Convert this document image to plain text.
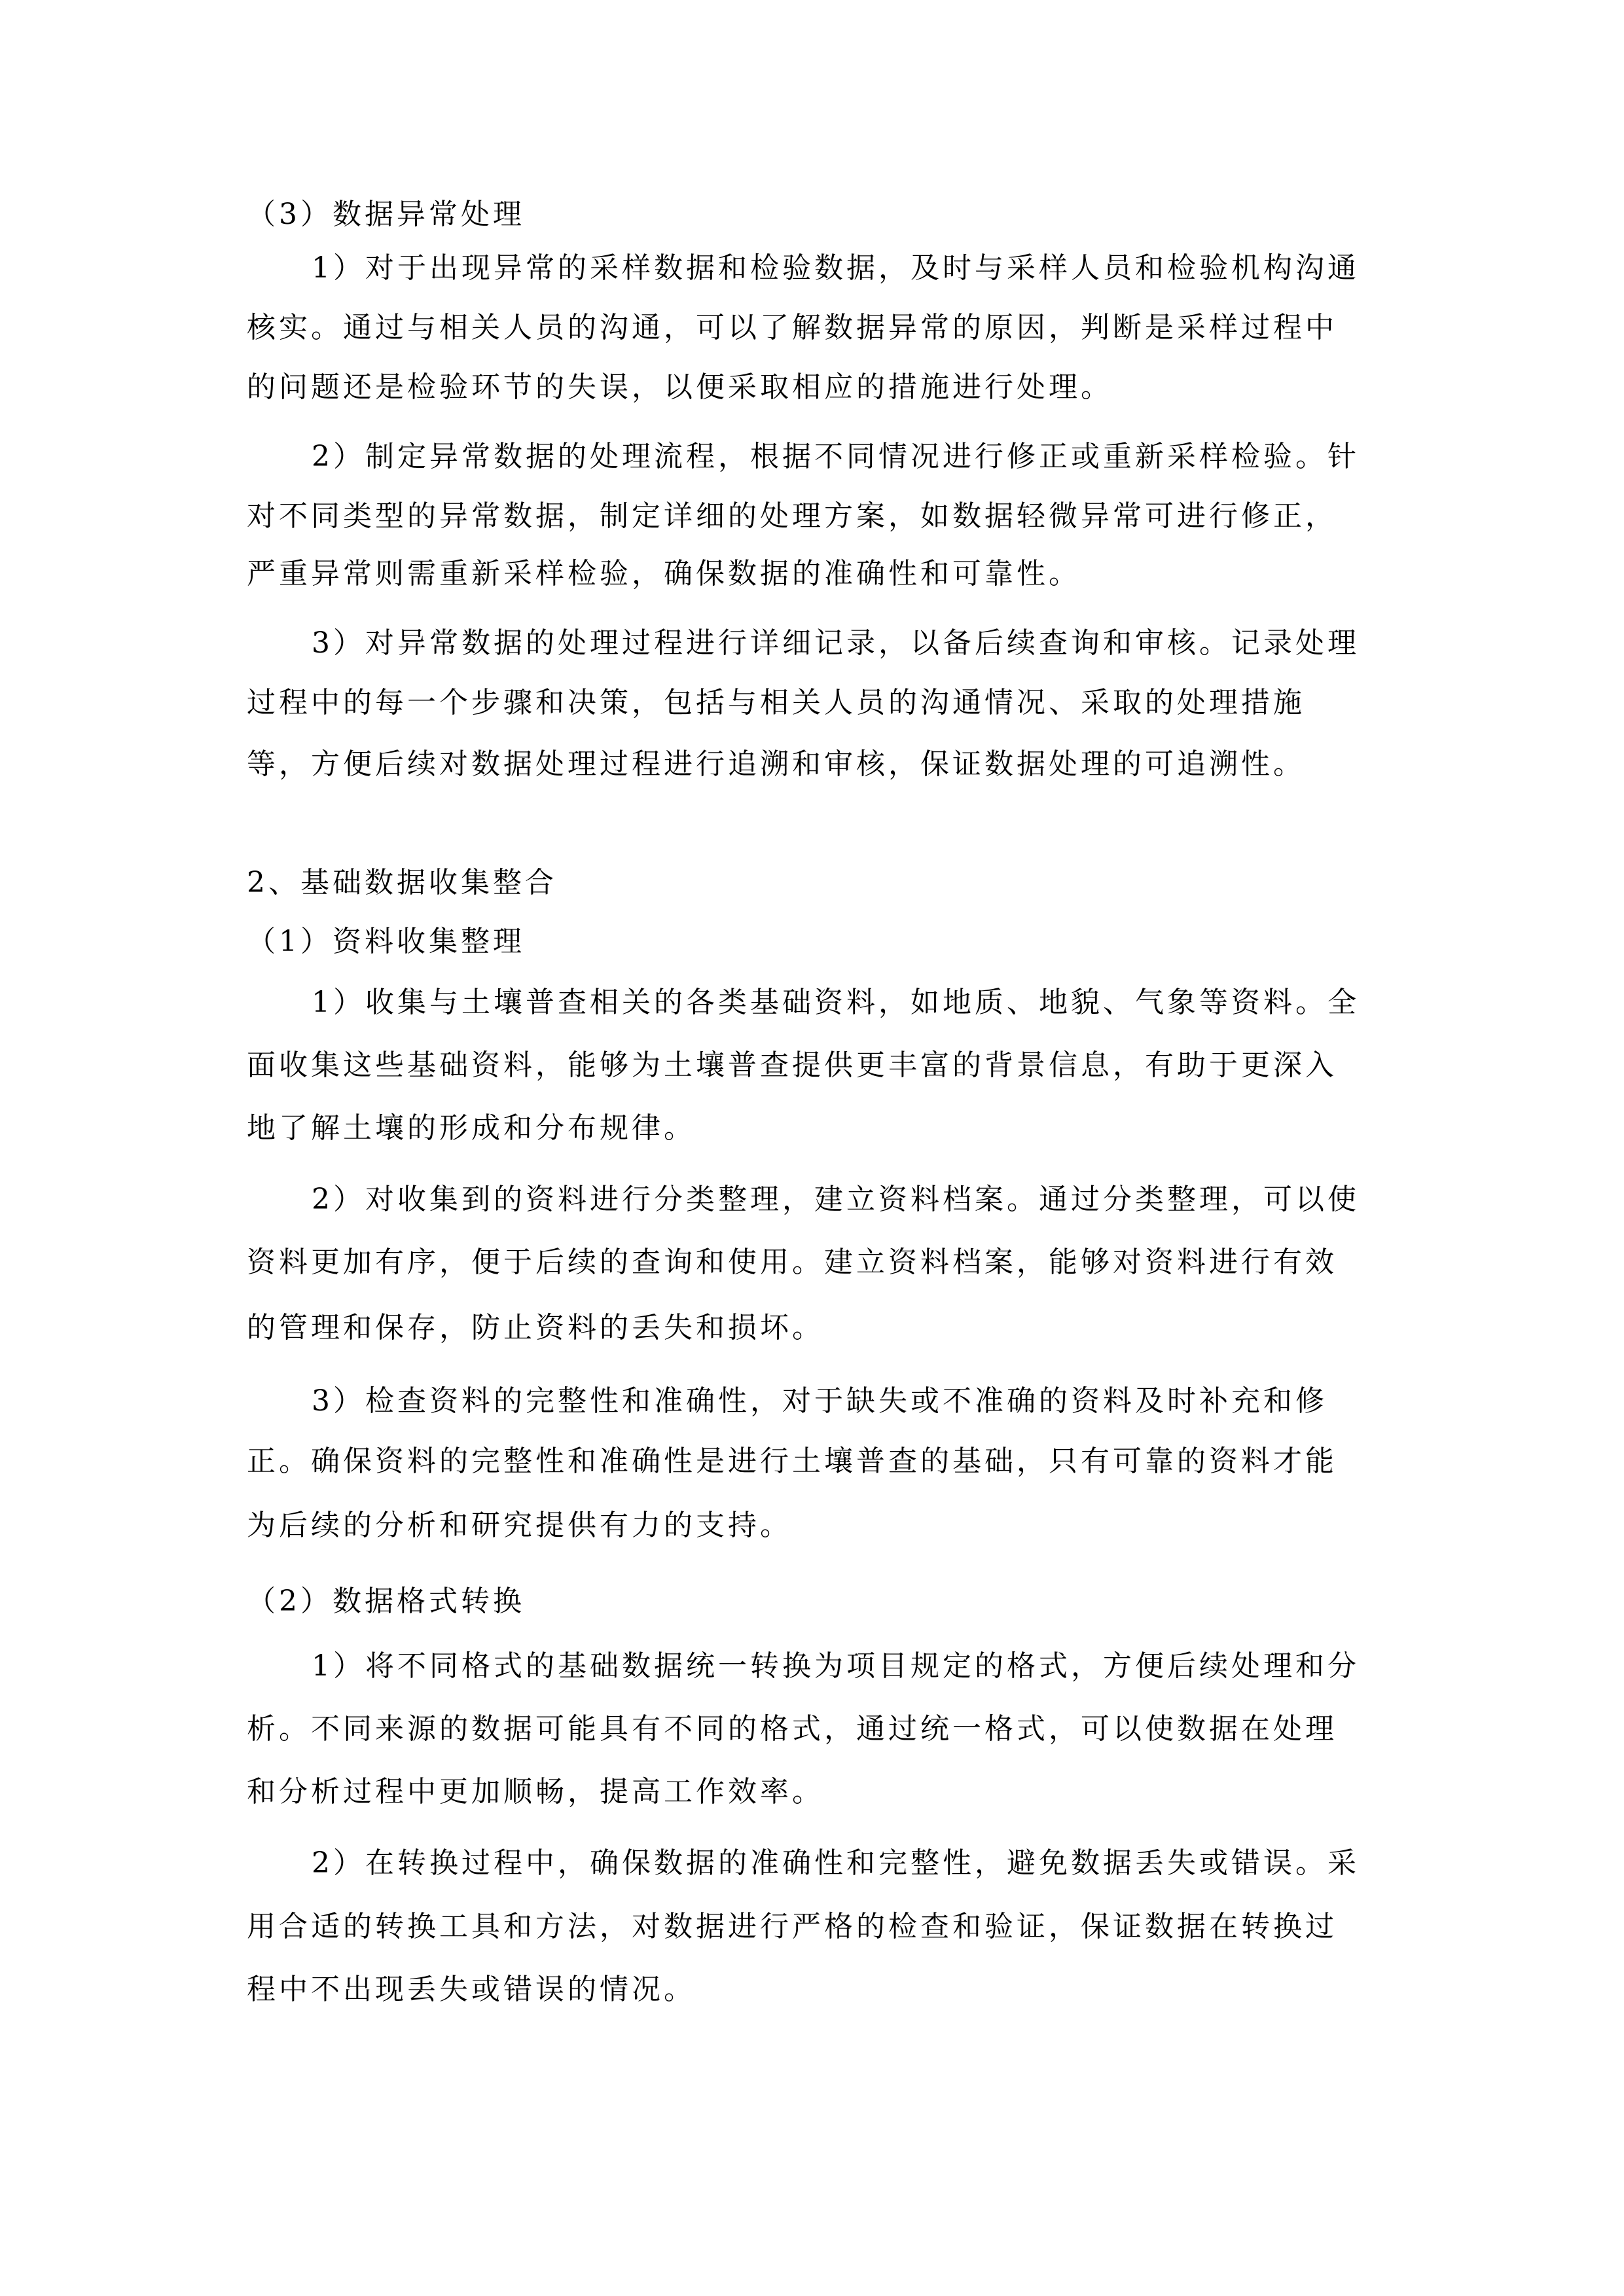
（3）数据异常处理
1）对于出现异常的采样数据和检验数据，及时与采样人员和检验机构沟通
核实。通过与相关人员的沟通，可以了解数据异常的原因，判断是采样过程中
的问题还是检验环节的失误，以便采取相应的措施进行处理。
2）制定异常数据的处理流程，根据不同情况进行修正或重新采样检验。针
对不同类型的异常数据，制定详细的处理方案，如数据轻微异常可进行修正，
严重异常则需重新采样检验，确保数据的准确性和可靠性。
3）对异常数据的处理过程进行详细记录，以备后续查询和审核。记录处理
过程中的每一个步骤和决策，包括与相关人员的沟通情况、采取的处理措施
等，方便后续对数据处理过程进行追溯和审核，保证数据处理的可追溯性。
2、基础数据收集整合
（1）资料收集整理
1）收集与土壤普查相关的各类基础资料，如地质、地貌、气象等资料。全
面收集这些基础资料，能够为土壤普查提供更丰富的背景信息，有助于更深入
地了解土壤的形成和分布规律。
2）对收集到的资料进行分类整理，建立资料档案。通过分类整理，可以使
资料更加有序，便于后续的查询和使用。建立资料档案，能够对资料进行有效
的管理和保存，防止资料的丢失和损坏。
3）检查资料的完整性和准确性，对于缺失或不准确的资料及时补充和修
正。确保资料的完整性和准确性是进行土壤普查的基础，只有可靠的资料才能
为后续的分析和研究提供有力的支持。
（2）数据格式转换
1）将不同格式的基础数据统一转换为项目规定的格式，方便后续处理和分
析。不同来源的数据可能具有不同的格式，通过统一格式，可以使数据在处理
和分析过程中更加顺畅，提高工作效率。
2）在转换过程中，确保数据的准确性和完整性，避免数据丢失或错误。采
用合适的转换工具和方法，对数据进行严格的检查和验证，保证数据在转换过
程中不出现丢失或错误的情况。
